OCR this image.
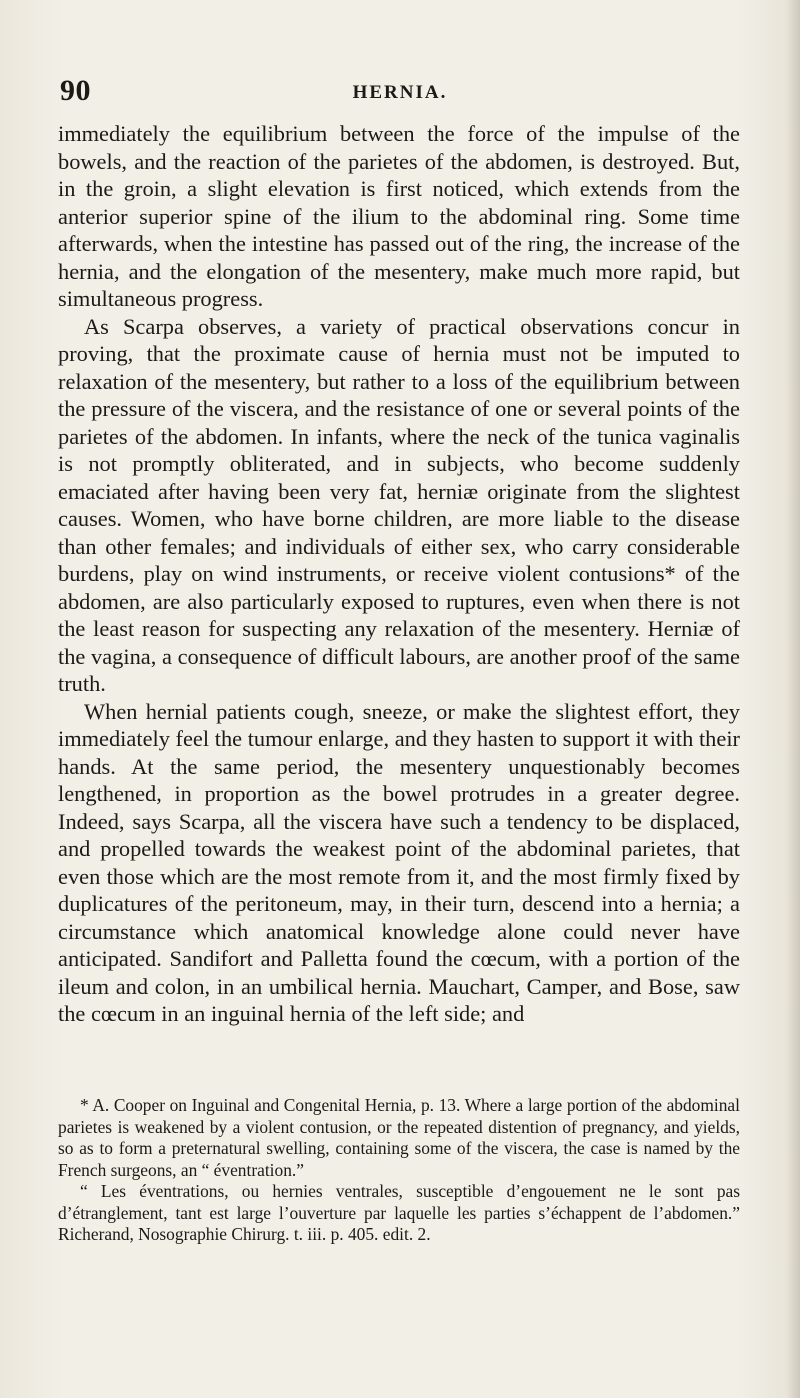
90	HERNIA.

immediately the equilibrium between the force of the impulse of the bowels, and the reaction of the parietes of the abdomen, is destroyed. But, in the groin, a slight elevation is first noticed, which extends from the anterior superior spine of the ilium to the abdominal ring. Some time afterwards, when the intestine has passed out of the ring, the increase of the hernia, and the elongation of the mesentery, make much more rapid, but simultaneous progress.

As Scarpa observes, a variety of practical observations concur in proving, that the proximate cause of hernia must not be imputed to relaxation of the mesentery, but rather to a loss of the equilibrium between the pressure of the viscera, and the resistance of one or several points of the parietes of the abdomen. In infants, where the neck of the tunica vaginalis is not promptly obliterated, and in subjects, who become suddenly emaciated after having been very fat, herniæ originate from the slightest causes. Women, who have borne children, are more liable to the disease than other females; and individuals of either sex, who carry considerable burdens, play on wind instruments, or receive violent contusions* of the abdomen, are also particularly exposed to ruptures, even when there is not the least reason for suspecting any relaxation of the mesentery. Herniæ of the vagina, a consequence of difficult labours, are another proof of the same truth.

When hernial patients cough, sneeze, or make the slightest effort, they immediately feel the tumour enlarge, and they hasten to support it with their hands. At the same period, the mesentery unquestionably becomes lengthened, in proportion as the bowel protrudes in a greater degree. Indeed, says Scarpa, all the viscera have such a tendency to be displaced, and propelled towards the weakest point of the abdominal parietes, that even those which are the most remote from it, and the most firmly fixed by duplicatures of the peritoneum, may, in their turn, descend into a hernia; a circumstance which anatomical knowledge alone could never have anticipated. Sandifort and Palletta found the cœcum, with a portion of the ileum and colon, in an umbilical hernia. Mauchart, Camper, and Bose, saw the cœcum in an inguinal hernia of the left side; and

* A. Cooper on Inguinal and Congenital Hernia, p. 13. Where a large portion of the abdominal parietes is weakened by a violent contusion, or the repeated distention of pregnancy, and yields, so as to form a preternatural swelling, containing some of the viscera, the case is named by the French surgeons, an “ éventration.”

“ Les éventrations, ou hernies ventrales, susceptible d’engouement ne le sont pas d’étranglement, tant est large l’ouverture par laquelle les parties s’échappent de l’abdomen.” Richerand, Nosographie Chirurg. t. iii. p. 405. edit. 2.
